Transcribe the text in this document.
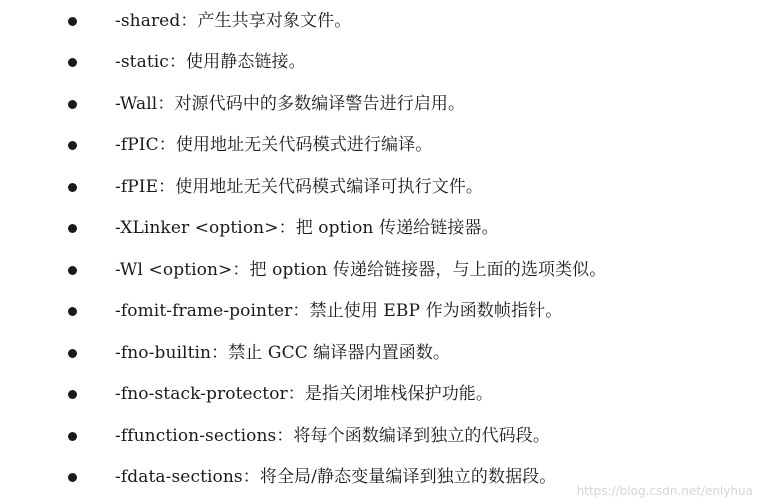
-shared：产生共享对象文件。
-static：使用静态链接。
-Wall：对源代码中的多数编译警告进行启用。
-fPIC：使用地址无关代码模式进行编译。
-fPIE：使用地址无关代码模式编译可执行文件。
-XLinker <option>：把 option 传递给链接器。
-Wl <option>：把 option 传递给链接器，与上面的选项类似。
-fomit-frame-pointer：禁止使用 EBP 作为函数帧指针。
-fno-builtin：禁止 GCC 编译器内置函数。
-fno-stack-protector：是指关闭堆栈保护功能。
-ffunction-sections：将每个函数编译到独立的代码段。
-fdata-sections：将全局/静态变量编译到独立的数据段。
https://blog.csdn.net/enlyhua
